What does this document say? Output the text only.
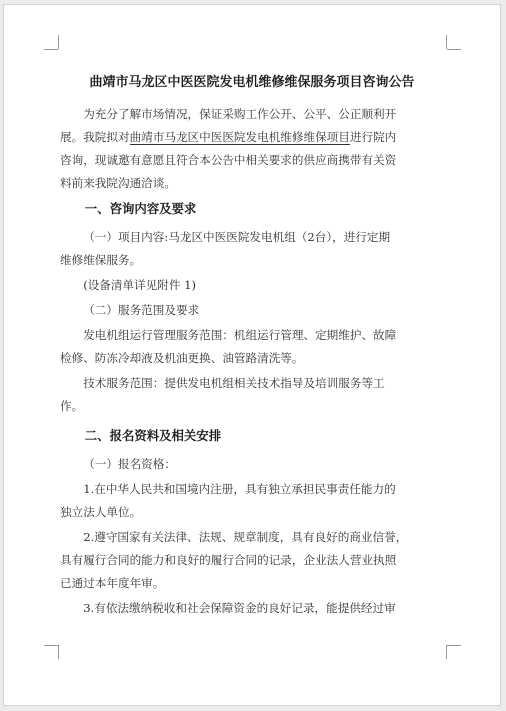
曲靖市马龙区中医医院发电机维修维保服务项目咨询公告

为充分了解市场情况，保证采购工作公开、公平、公正顺利开
展。我院拟对曲靖市马龙区中医医院发电机维修维保项目进行院内
咨询，现诚邀有意愿且符合本公告中相关要求的供应商携带有关资
料前来我院沟通洽谈。

一、咨询内容及要求

（一）项目内容:马龙区中医医院发电机组（2台），进行定期
维修维保服务。

(设备清单详见附件 1)

（二）服务范围及要求

发电机组运行管理服务范围：机组运行管理、定期维护、故障
检修、防冻冷却液及机油更换、油管路清洗等。

技术服务范围：提供发电机组相关技术指导及培训服务等工
作。

二、报名资料及相关安排

（一）报名资格：

1.在中华人民共和国境内注册，具有独立承担民事责任能力的
独立法人单位。

2.遵守国家有关法律、法规、规章制度，具有良好的商业信誉，
具有履行合同的能力和良好的履行合同的记录，企业法人营业执照
已通过本年度年审。

3.有依法缴纳税收和社会保障资金的良好记录，能提供经过审
